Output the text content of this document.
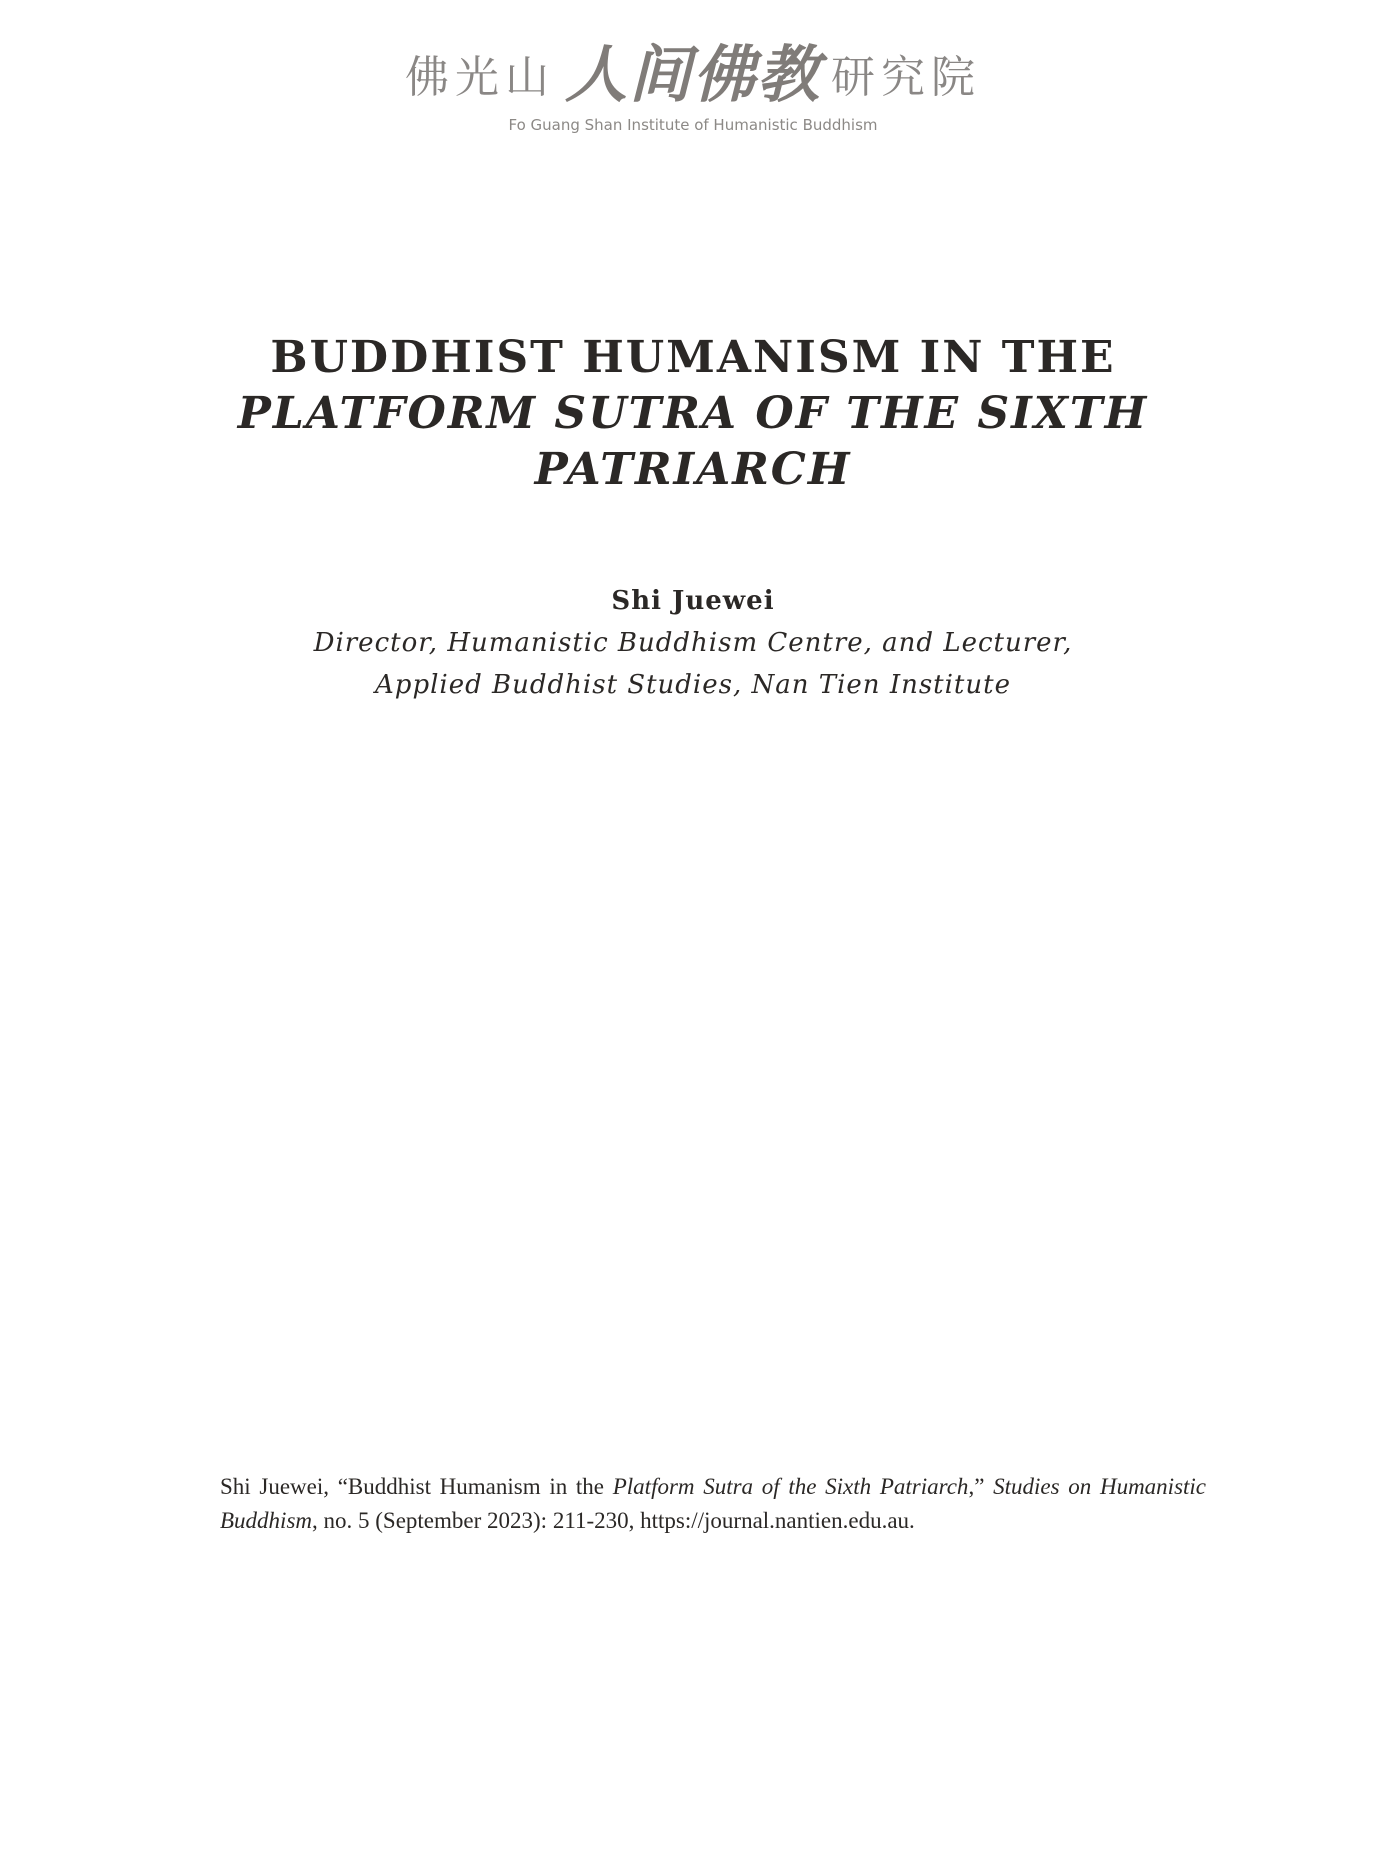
佛光山 人间佛教 研究院
Fo Guang Shan Institute of Humanistic Buddhism
BUDDHIST HUMANISM IN THE
PLATFORM SUTRA OF THE SIXTH
PATRIARCH
Shi Juewei
Director, Humanistic Buddhism Centre, and Lecturer,
Applied Buddhist Studies, Nan Tien Institute
Shi Juewei, “Buddhist Humanism in the Platform Sutra of the Sixth Patriarch,” Studies on Humanistic Buddhism, no. 5 (September 2023): 211-230, https://journal.nantien.edu.au.
